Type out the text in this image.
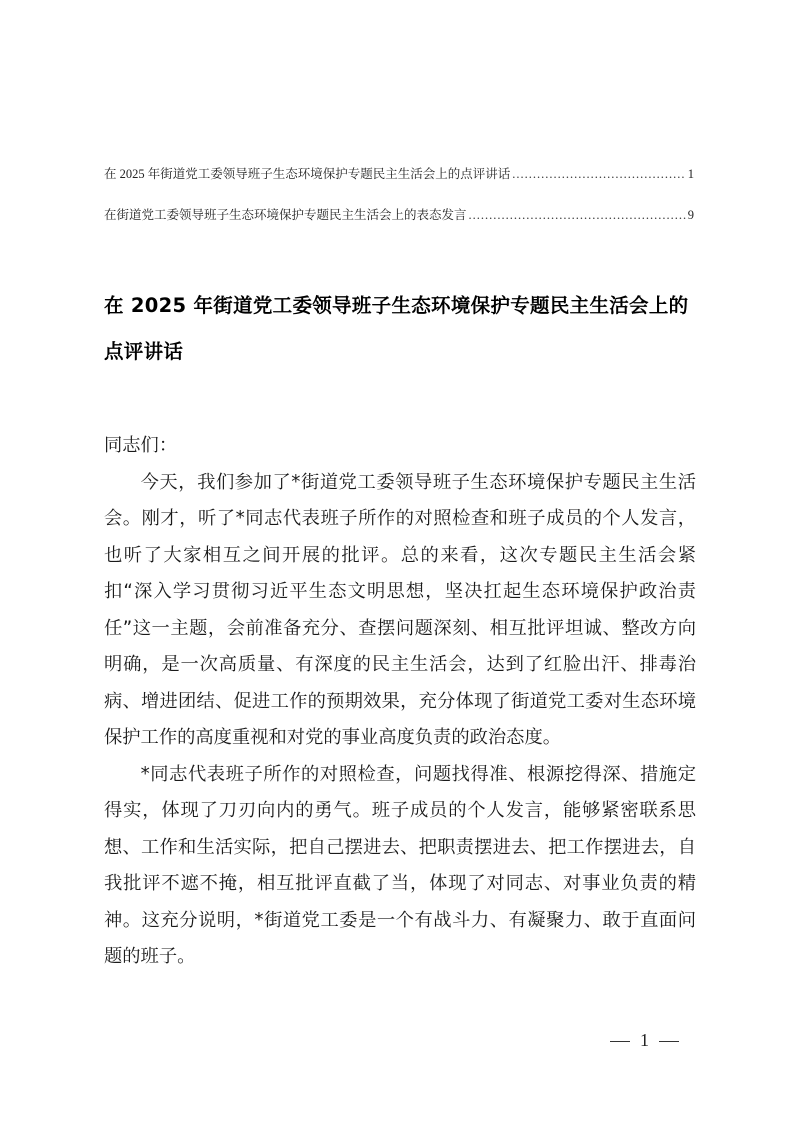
在 2025 年街道党工委领导班子生态环境保护专题民主生活会上的点评讲话 .....	1
在街道党工委领导班子生态环境保护专题民主生活会上的表态发言 .....	9
在 2025 年街道党工委领导班子生态环境保护专题民主生活会上的点评讲话

同志们：

今天，我们参加了*街道党工委领导班子生态环境保护专题民主生活会。刚才，听了*同志代表班子所作的对照检查和班子成员的个人发言，也听了大家相互之间开展的批评。总的来看，这次专题民主生活会紧扣“深入学习贯彻习近平生态文明思想，坚决扛起生态环境保护政治责任”这一主题，会前准备充分、查摆问题深刻、相互批评坦诚、整改方向明确，是一次高质量、有深度的民主生活会，达到了红脸出汗、排毒治病、增进团结、促进工作的预期效果，充分体现了街道党工委对生态环境保护工作的高度重视和对党的事业高度负责的政治态度。

*同志代表班子所作的对照检查，问题找得准、根源挖得深、措施定得实，体现了刀刃向内的勇气。班子成员的个人发言，能够紧密联系思想、工作和生活实际，把自己摆进去、把职责摆进去、把工作摆进去，自我批评不遮不掩，相互批评直截了当，体现了对同志、对事业负责的精神。这充分说明，*街道党工委是一个有战斗力、有凝聚力、敢于直面问题的班子。

1
